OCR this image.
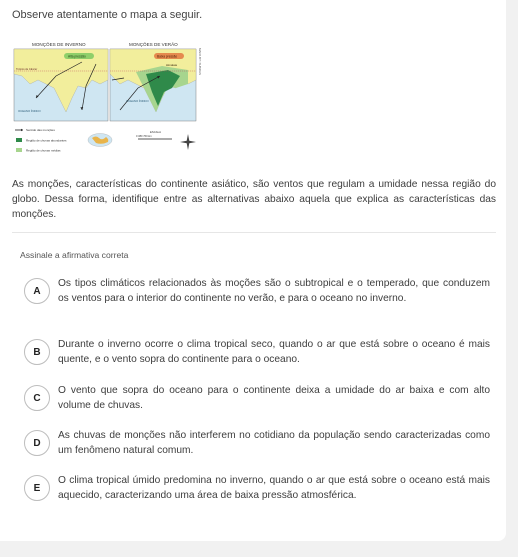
Observe atentamente o mapa a seguir.
MONÇÕES DE INVERNO	MONÇÕES DE VERÃO
MAPA BY: SUNDAS
Alta pressão
Trópico de Câncer
OCEANO ÍNDICO
Baixa pressão
Himalaia
OCEANO ÍNDICO
Sentido das monções
Região de chuvas abundantes
Região de chuvas médias
ESCALA
0 380 760 km
As monções, características do continente asiático, são ventos que regulam a umidade nessa região do globo. Dessa forma, identifique entre as alternativas abaixo aquela que explica as características das monções.
Assinale a afirmativa correta
A
Os tipos climáticos relacionados às moções são o subtropical e o temperado, que conduzem os ventos para o interior do continente no verão, e para o oceano no inverno.
B
Durante o inverno ocorre o clima tropical seco, quando o ar que está sobre o oceano é mais quente, e o vento sopra do continente para o oceano.
C
O vento que sopra do oceano para o continente deixa a umidade do ar baixa e com alto volume de chuvas.
D
As chuvas de monções não interferem no cotidiano da população sendo caracterizadas como um fenômeno natural comum.
E
O clima tropical úmido predomina no inverno, quando o ar que está sobre o oceano está mais aquecido, caracterizando uma área de baixa pressão atmosférica.
